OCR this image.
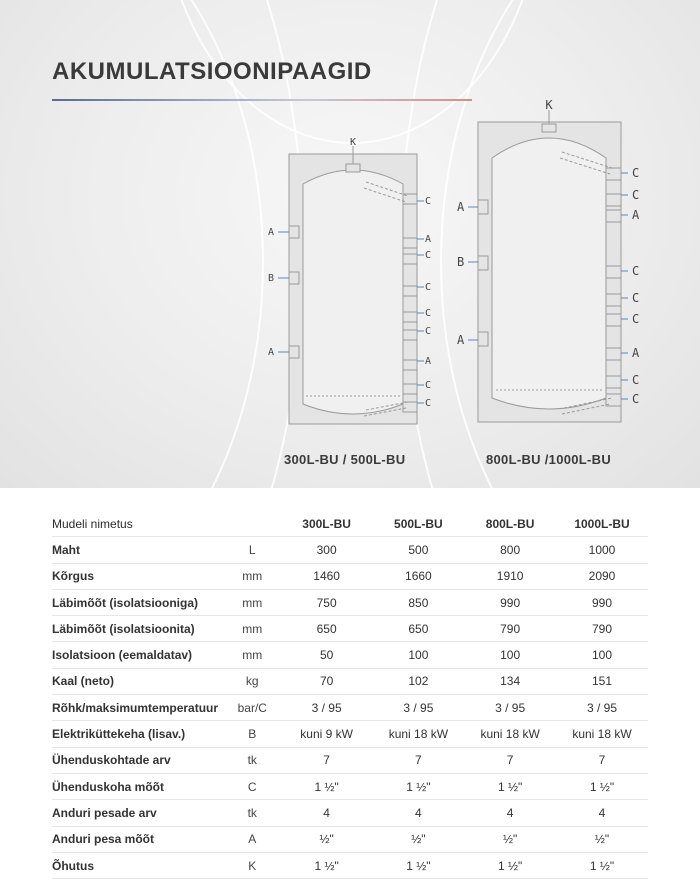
AKUMULATSIOONIPAAGID
K
A
B
A
C
A
C
C
C
C
A
C
C
300L-BU / 500L-BU
K
A
B
A
C
C
A
C
C
C
A
C
C
800L-BU /1000L-BU
Mudeli nimetus		300L-BU	500L-BU	800L-BU	1000L-BU
Maht	L	300	500	800	1000
Kõrgus	mm	1460	1660	1910	2090
Läbimõõt (isolatsiooniga)	mm	750	850	990	990
Läbimõõt (isolatsioonita)	mm	650	650	790	790
Isolatsioon (eemaldatav)	mm	50	100	100	100
Kaal (neto)	kg	70	102	134	151
Rõhk/maksimumtemperatuur	bar/C	3 / 95	3 / 95	3 / 95	3 / 95
Elektriküttekeha (lisav.)	B	kuni 9 kW	kuni 18 kW	kuni 18 kW	kuni 18 kW
Ühenduskohtade arv	tk	7	7	7	7
Ühenduskoha mõõt	C	1 ½"	1 ½"	1 ½"	1 ½"
Anduri pesade arv	tk	4	4	4	4
Anduri pesa mõõt	A	½"	½"	½"	½"
Õhutus	K	1 ½"	1 ½"	1 ½"	1 ½"
